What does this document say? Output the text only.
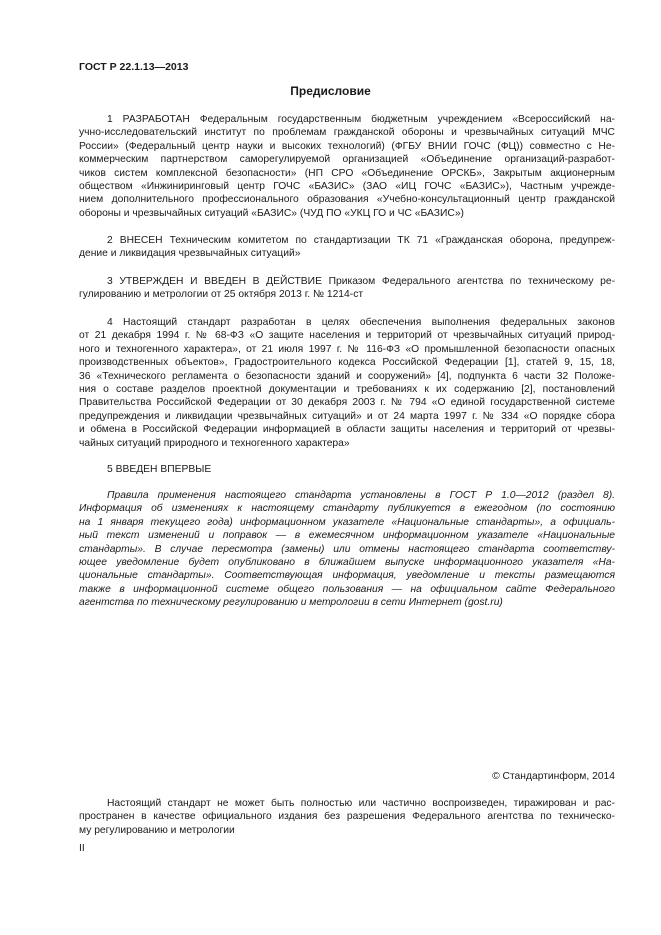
ГОСТ Р 22.1.13—2013
Предисловие
1 РАЗРАБОТАН Федеральным государственным бюджетным учреждением «Всероссийский на-
учно-исследовательский институт по проблемам гражданской обороны и чрезвычайных ситуаций МЧС
России» (Федеральный центр науки и высоких технологий) (ФГБУ ВНИИ ГОЧС (ФЦ)) совместно с Не-
коммерческим партнерством саморегулируемой организацией «Объединение организаций-разработ-
чиков систем комплексной безопасности» (НП СРО «Объединение ОРСКБ», Закрытым акционерным
обществом «Инжиниринговый центр ГОЧС «БАЗИС» (ЗАО «ИЦ ГОЧС «БАЗИС»), Частным учрежде-
нием дополнительного профессионального образования «Учебно-консультационный центр гражданской
обороны и чрезвычайных ситуаций «БАЗИС» (ЧУД ПО «УКЦ ГО и ЧС «БАЗИС»)
2 ВНЕСЕН Техническим комитетом по стандартизации ТК 71 «Гражданская оборона, предупреж-
дение и ликвидация чрезвычайных ситуаций»
3 УТВЕРЖДЕН И ВВЕДЕН В ДЕЙСТВИЕ Приказом Федерального агентства по техническому ре-
гулированию и метрологии от 25 октября 2013 г. № 1214-ст
4 Настоящий стандарт разработан в целях обеспечения выполнения федеральных законов
от 21 декабря 1994 г. № 68-ФЗ «О защите населения и территорий от чрезвычайных ситуаций природ-
ного и техногенного характера», от 21 июля 1997 г. № 116-ФЗ «О промышленной безопасности опасных
производственных объектов», Градостроительного кодекса Российской Федерации [1], статей 9, 15, 18,
36 «Технического регламента о безопасности зданий и сооружений» [4], подпункта 6 части 32 Положе-
ния о составе разделов проектной документации и требованиях к их содержанию [2], постановлений
Правительства Российской Федерации от 30 декабря 2003 г. № 794 «О единой государственной системе
предупреждения и ликвидации чрезвычайных ситуаций» и от 24 марта 1997 г. № 334 «О порядке сбора
и обмена в Российской Федерации информацией в области защиты населения и территорий от чрезвы-
чайных ситуаций природного и техногенного характера»
5 ВВЕДЕН ВПЕРВЫЕ
Правила применения настоящего стандарта установлены в ГОСТ Р 1.0—2012 (раздел 8).
Информация об изменениях к настоящему стандарту публикуется в ежегодном (по состоянию
на 1 января текущего года) информационном указателе «Национальные стандарты», а официаль-
ный текст изменений и поправок — в ежемесячном информационном указателе «Национальные
стандарты». В случае пересмотра (замены) или отмены настоящего стандарта соответству-
ющее уведомление будет опубликовано в ближайшем выпуске информационного указателя «На-
циональные стандарты». Соответствующая информация, уведомление и тексты размещаются
также в информационной системе общего пользования — на официальном сайте Федерального
агентства по техническому регулированию и метрологии в сети Интернет (gost.ru)
© Стандартинформ, 2014
Настоящий стандарт не может быть полностью или частично воспроизведен, тиражирован и рас-
пространен в качестве официального издания без разрешения Федерального агентства по техническо-
му регулированию и метрологии
II
